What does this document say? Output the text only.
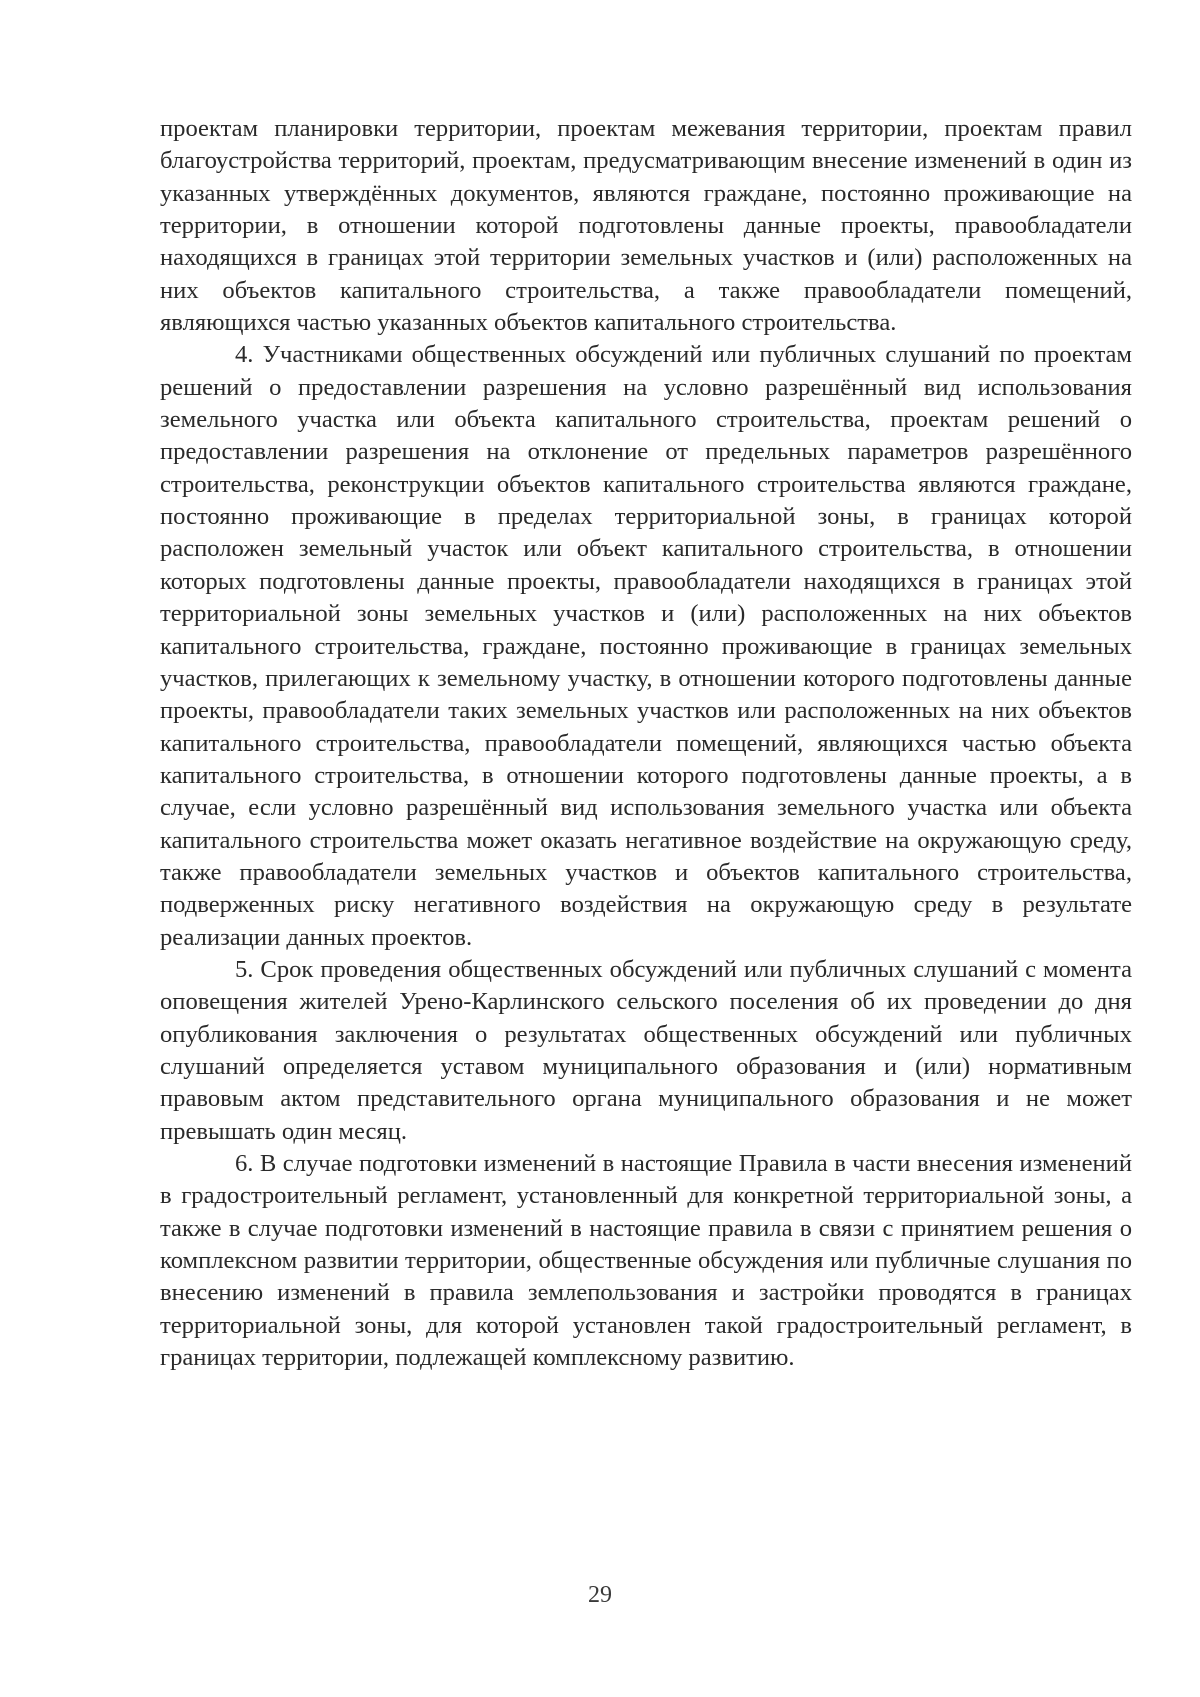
проектам планировки территории, проектам межевания территории, проектам правил благоустройства территорий, проектам, предусматривающим внесение изменений в один из указанных утверждённых документов, являются граждане, постоянно проживающие на территории, в отношении которой подготовлены данные проекты, правообладатели находящихся в границах этой территории земельных участков и (или) расположенных на них объектов капитального строительства, а также правообладатели помещений, являющихся частью указанных объектов капитального строительства.

4. Участниками общественных обсуждений или публичных слушаний по проектам решений о предоставлении разрешения на условно разрешённый вид использования земельного участка или объекта капитального строительства, проектам решений о предоставлении разрешения на отклонение от предельных параметров разрешённого строительства, реконструкции объектов капитального строительства являются граждане, постоянно проживающие в пределах территориальной зоны, в границах которой расположен земельный участок или объект капитального строительства, в отношении которых подготовлены данные проекты, правообладатели находящихся в границах этой территориальной зоны земельных участков и (или) расположенных на них объектов капитального строительства, граждане, постоянно проживающие в границах земельных участков, прилегающих к земельному участку, в отношении которого подготовлены данные проекты, правообладатели таких земельных участков или расположенных на них объектов капитального строительства, правообладатели помещений, являющихся частью объекта капитального строительства, в отношении которого подготовлены данные проекты, а в случае, если условно разрешённый вид использования земельного участка или объекта капитального строительства может оказать негативное воздействие на окружающую среду, также правообладатели земельных участков и объектов капитального строительства, подверженных риску негативного воздействия на окружающую среду в результате реализации данных проектов.

5. Срок проведения общественных обсуждений или публичных слушаний с момента оповещения жителей Урено-Карлинского сельского поселения об их проведении до дня опубликования заключения о результатах общественных обсуждений или публичных слушаний определяется уставом муниципального образования и (или) нормативным правовым актом представительного органа муниципального образования и не может превышать один месяц.

6. В случае подготовки изменений в настоящие Правила в части внесения изменений в градостроительный регламент, установленный для конкретной территориальной зоны, а также в случае подготовки изменений в настоящие правила в связи с принятием решения о комплексном развитии территории, общественные обсуждения или публичные слушания по внесению изменений в правила землепользования и застройки проводятся в границах территориальной зоны, для которой установлен такой градостроительный регламент, в границах территории, подлежащей комплексному развитию.

29
